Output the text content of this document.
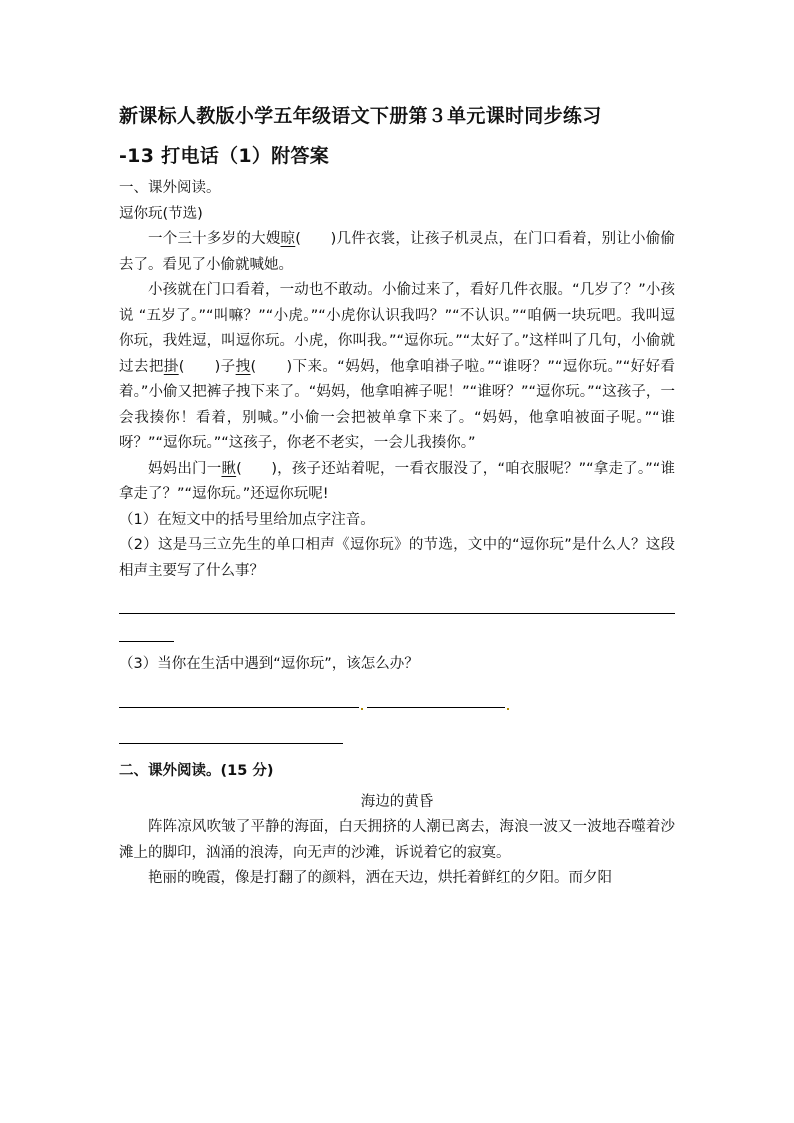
新课标人教版小学五年级语文下册第３单元课时同步练习

-13 打电话（1）附答案

一、课外阅读。

逗你玩(节选)

一个三十多岁的大嫂晾(　　)几件衣裳，让孩子机灵点，在门口看着，别让小偷偷去了。看见了小偷就喊她。

小孩就在门口看着，一动也不敢动。小偷过来了，看好几件衣服。“几岁了？”小孩说 “五岁了。”“叫嘛？”“小虎。”“小虎你认识我吗？”“不认识。”“咱俩一块玩吧。我叫逗你玩，我姓逗，叫逗你玩。小虎，你叫我。”“逗你玩。”“太好了。”这样叫了几句，小偷就过去把掛(　　)子拽(　　)下来。“妈妈，他拿咱褂子啦。”“谁呀？”“逗你玩。”“好好看着。”小偷又把裤子拽下来了。“妈妈，他拿咱裤子呢！”“谁呀？”“逗你玩。”“这孩子，一会我揍你！看着，别喊。”小偷一会把被单拿下来了。“妈妈，他拿咱被面子呢。”“谁呀？”“逗你玩。”“这孩子，你老不老实，一会儿我揍你。”

妈妈出门一瞅(　　)，孩子还站着呢，一看衣服没了，“咱衣服呢？”“拿走了。”“谁拿走了？”“逗你玩。”还逗你玩呢!

（1）在短文中的括号里给加点字注音。

（2）这是马三立先生的单口相声《逗你玩》的节选，文中的“逗你玩”是什么人？这段相声主要写了什么事？

（3）当你在生活中遇到“逗你玩”，该怎么办？

二、课外阅读。(15 分)

海边的黄昏

阵阵凉风吹皱了平静的海面，白天拥挤的人潮已离去，海浪一波又一波地吞噬着沙滩上的脚印，汹涌的浪涛，向无声的沙滩，诉说着它的寂寞。

艳丽的晚霞，像是打翻了的颜料，洒在天边，烘托着鲜红的夕阳。而夕阳
